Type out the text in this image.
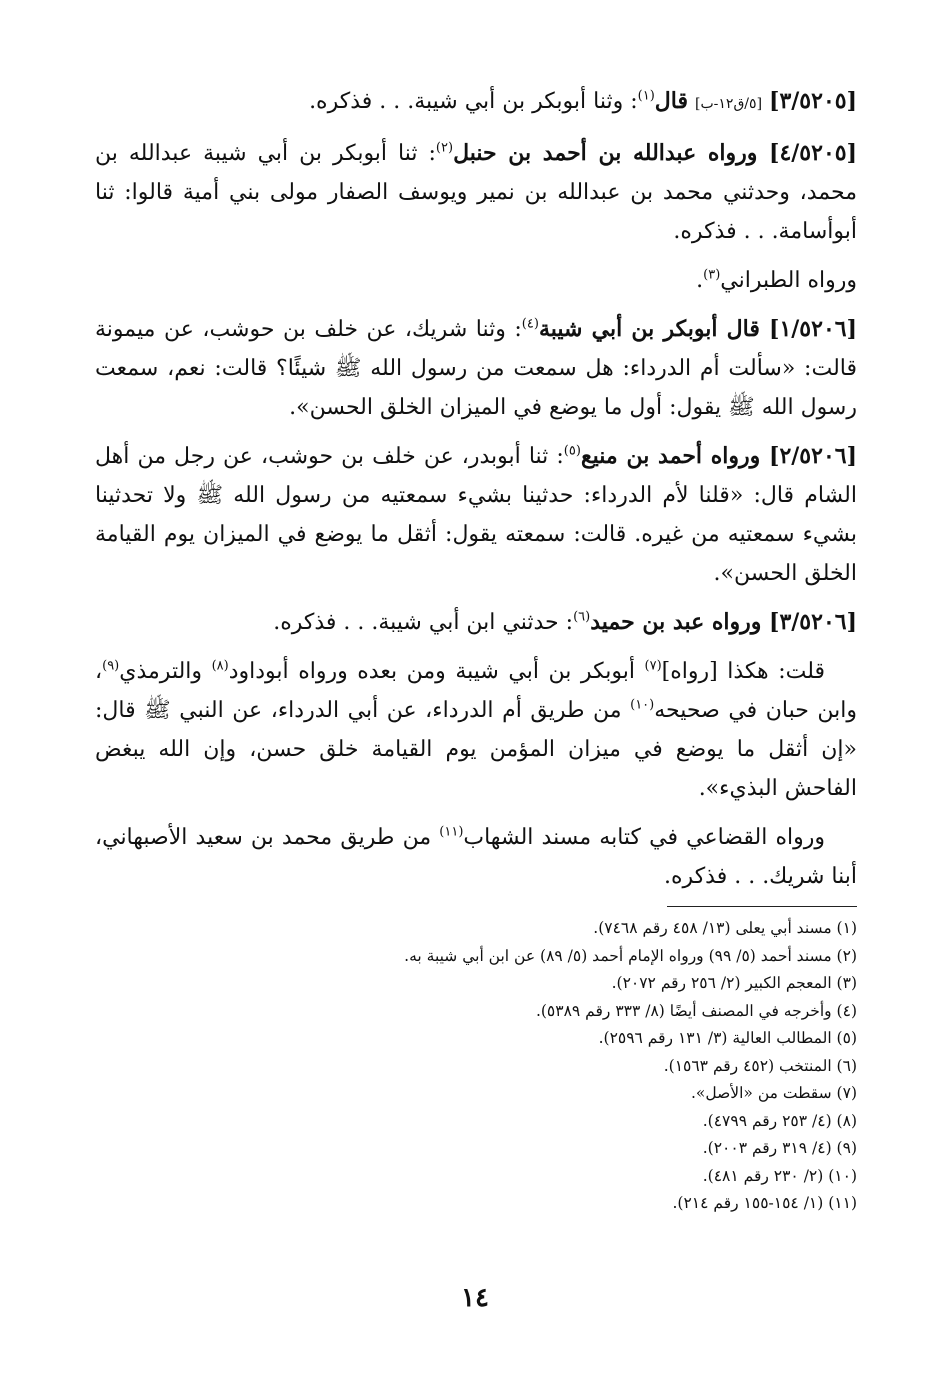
[٣/٥٢٠٥] [٥/ق١٢-ب] قال$^{(١)}$: وثنا أبوبكر بن أبي شيبة. . . فذكره.

[٤/٥٢٠٥] ورواه عبدالله بن أحمد بن حنبل$^{(٢)}$: ثنا أبوبكر بن أبي شيبة عبدالله بن محمد، وحدثني محمد بن عبدالله بن نمير ويوسف الصفار مولى بني أمية قالوا: ثنا أبوأسامة. . . فذكره.

ورواه الطبراني$^{(٣)}$.

[١/٥٢٠٦] قال أبوبكر بن أبي شيبة$^{(٤)}$: وثنا شريك، عن خلف بن حوشب، عن ميمونة قالت: «سألت أم الدرداء: هل سمعت من رسول الله ﷺ شيئًا؟ قالت: نعم، سمعت رسول الله ﷺ يقول: أول ما يوضع في الميزان الخلق الحسن».

[٢/٥٢٠٦] ورواه أحمد بن منيع$^{(٥)}$: ثنا أبوبدر، عن خلف بن حوشب، عن رجل من أهل الشام قال: «قلنا لأم الدرداء: حدثينا بشيء سمعتيه من رسول الله ﷺ ولا تحدثينا بشيء سمعتيه من غيره. قالت: سمعته يقول: أثقل ما يوضع في الميزان يوم القيامة الخلق الحسن».

[٣/٥٢٠٦] ورواه عبد بن حميد$^{(٦)}$: حدثني ابن أبي شيبة. . . فذكره.

قلت: هكذا [رواه]$^{(٧)}$ أبوبكر بن أبي شيبة ومن بعده ورواه أبوداود$^{(٨)}$ والترمذي$^{(٩)}$، وابن حبان في صحيحه$^{(١٠)}$ من طريق أم الدرداء، عن أبي الدرداء، عن النبي ﷺ قال: «إن أثقل ما يوضع في ميزان المؤمن يوم القيامة خلق حسن، وإن الله يبغض الفاحش البذيء».

ورواه القضاعي في كتابه مسند الشهاب$^{(١١)}$ من طريق محمد بن سعيد الأصبهاني، أبنا شريك. . . فذكره.

(١) مسند أبي يعلى (١٣/ ٤٥٨ رقم ٧٤٦٨).
(٢) مسند أحمد (٥/ ٩٩) ورواه الإمام أحمد (٥/ ٨٩) عن ابن أبي شيبة به.
(٣) المعجم الكبير (٢/ ٢٥٦ رقم ٢٠٧٢).
(٤) وأخرجه في المصنف أيضًا (٨/ ٣٣٣ رقم ٥٣٨٩).
(٥) المطالب العالية (٣/ ١٣١ رقم ٢٥٩٦).
(٦) المنتخب (٤٥٢ رقم ١٥٦٣).
(٧) سقطت من «الأصل».
(٨) (٤/ ٢٥٣ رقم ٤٧٩٩).
(٩) (٤/ ٣١٩ رقم ٢٠٠٣).
(١٠) (٢/ ٢٣٠ رقم ٤٨١).
(١١) (١/ ١٥٤-١٥٥ رقم ٢١٤).
١٤
